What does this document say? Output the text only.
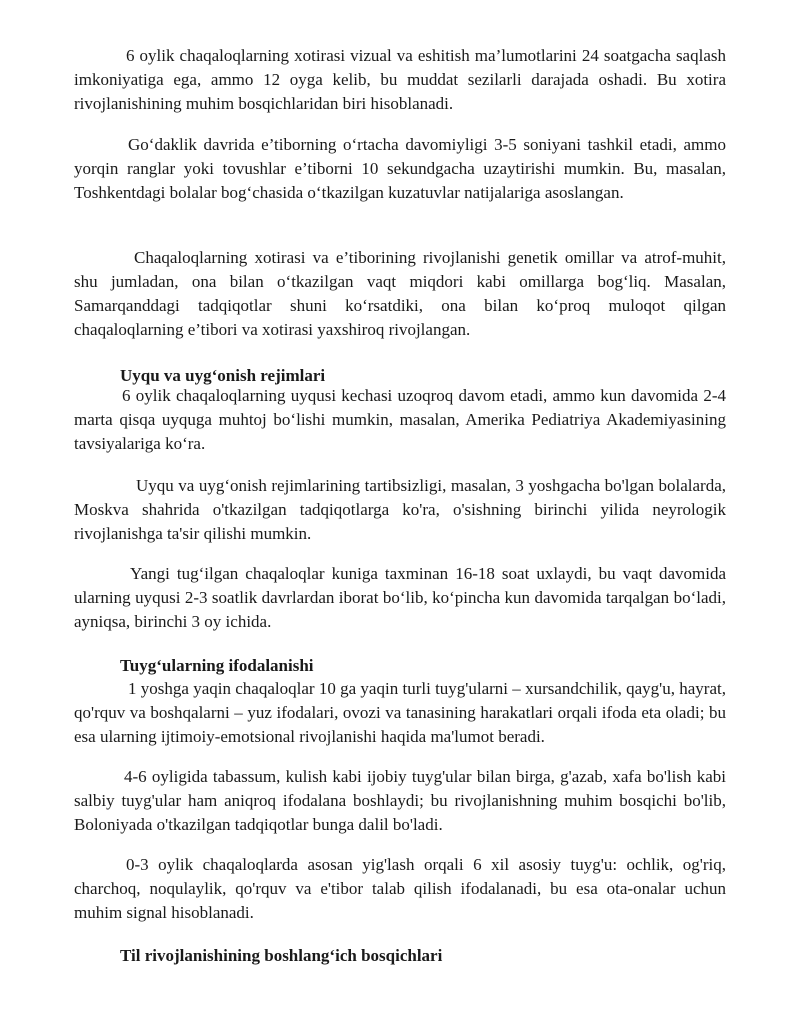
6 oylik chaqaloqlarning xotirasi vizual va eshitish ma’lumotlarini 24 soatgacha saqlash imkoniyatiga ega, ammo 12 oyga kelib, bu muddat sezilarli darajada oshadi. Bu xotira rivojlanishining muhim bosqichlaridan biri hisoblanadi.

Go‘daklik davrida e’tiborning o‘rtacha davomiyligi 3-5 soniyani tashkil etadi, ammo yorqin ranglar yoki tovushlar e’tiborni 10 sekundgacha uzaytirishi mumkin. Bu, masalan, Toshkentdagi bolalar bog‘chasida o‘tkazilgan kuzatuvlar natijalariga asoslangan.

Chaqaloqlarning xotirasi va e’tiborining rivojlanishi genetik omillar va atrof-muhit, shu jumladan, ona bilan o‘tkazilgan vaqt miqdori kabi omillarga bog‘liq. Masalan, Samarqanddagi tadqiqotlar shuni ko‘rsatdiki, ona bilan ko‘proq muloqot qilgan chaqaloqlarning e’tibori va xotirasi yaxshiroq rivojlangan.

Uyqu va uyg‘onish rejimlari

6 oylik chaqaloqlarning uyqusi kechasi uzoqroq davom etadi, ammo kun davomida 2-4 marta qisqa uyquga muhtoj bo‘lishi mumkin, masalan, Amerika Pediatriya Akademiyasining tavsiyalariga ko‘ra.

Uyqu va uyg‘onish rejimlarining tartibsizligi, masalan, 3 yoshgacha bo'lgan bolalarda, Moskva shahrida o'tkazilgan tadqiqotlarga ko'ra, o'sishning birinchi yilida neyrologik rivojlanishga ta'sir qilishi mumkin.

Yangi tug‘ilgan chaqaloqlar kuniga taxminan 16-18 soat uxlaydi, bu vaqt davomida ularning uyqusi 2-3 soatlik davrlardan iborat bo‘lib, ko‘pincha kun davomida tarqalgan bo‘ladi, ayniqsa, birinchi 3 oy ichida.

Tuyg‘ularning ifodalanishi

1 yoshga yaqin chaqaloqlar 10 ga yaqin turli tuyg'ularni – xursandchilik, qayg'u, hayrat, qo'rquv va boshqalarni – yuz ifodalari, ovozi va tanasining harakatlari orqali ifoda eta oladi; bu esa ularning ijtimoiy-emotsional rivojlanishi haqida ma'lumot beradi.

4-6 oyligida tabassum, kulish kabi ijobiy tuyg'ular bilan birga, g'azab, xafa bo'lish kabi salbiy tuyg'ular ham aniqroq ifodalana boshlaydi; bu rivojlanishning muhim bosqichi bo'lib, Boloniyada o'tkazilgan tadqiqotlar bunga dalil bo'ladi.

0-3 oylik chaqaloqlarda asosan yig'lash orqali 6 xil asosiy tuyg'u: ochlik, og'riq, charchoq, noqulaylik, qo'rquv va e'tibor talab qilish ifodalanadi, bu esa ota-onalar uchun muhim signal hisoblanadi.

Til rivojlanishining boshlang‘ich bosqichlari
